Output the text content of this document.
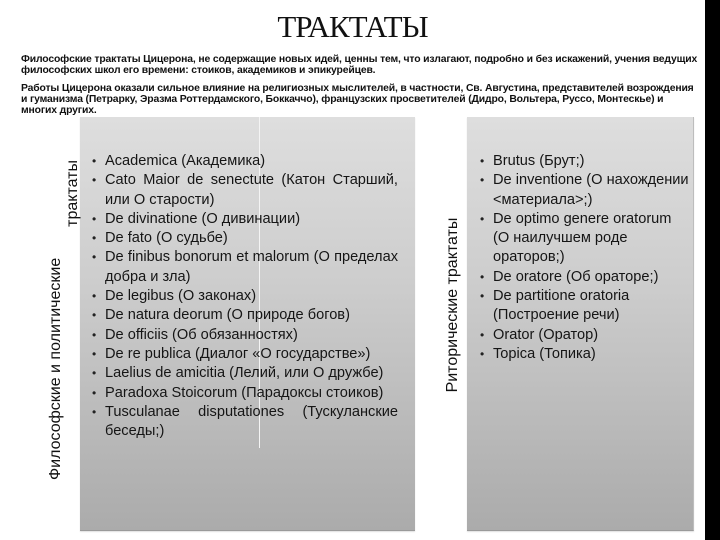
ТРАКТАТЫ

Философские трактаты Цицерона, не содержащие новых идей, ценны тем, что излагают, подробно и без искажений, учения ведущих философских школ его времени: стоиков, академиков и эпикурейцев.

Работы Цицерона оказали сильное влияние на религиозных мыслителей, в частности, Св. Августина, представителей возрождения и гуманизма (Петрарку, Эразма Роттердамского, Боккаччо), французских просветителей (Дидро, Вольтера, Руссо, Монтескье) и многих других.

Философские и политические
трактаты	• Academica (Академика)
• Cato Maior de senectute (Катон Старший, или О старости)
• De divinatione (О дивинации)
• De fato (О судьбе)
• De finibus bonorum et malorum (О пределах добра и зла)
• De legibus (О законах)
• De natura deorum (О природе богов)
• De officiis (Об обязанностях)
• De re publica (Диалог «О государстве»)
• Laelius de amicitia (Лелий, или О дружбе)
• Paradoxa Stoicorum (Парадоксы стоиков)
• Tusculanae disputationes (Тускуланские беседы;)
Риторические трактаты
• Brutus (Брут;)
• De inventione (О нахождении <материала>;)
• De optimo genere oratorum (О наилучшем роде ораторов;)
• De oratore (Об ораторе;)
• De partitione oratoria (Построение речи)
• Orator (Оратор)
• Topica (Топика)
